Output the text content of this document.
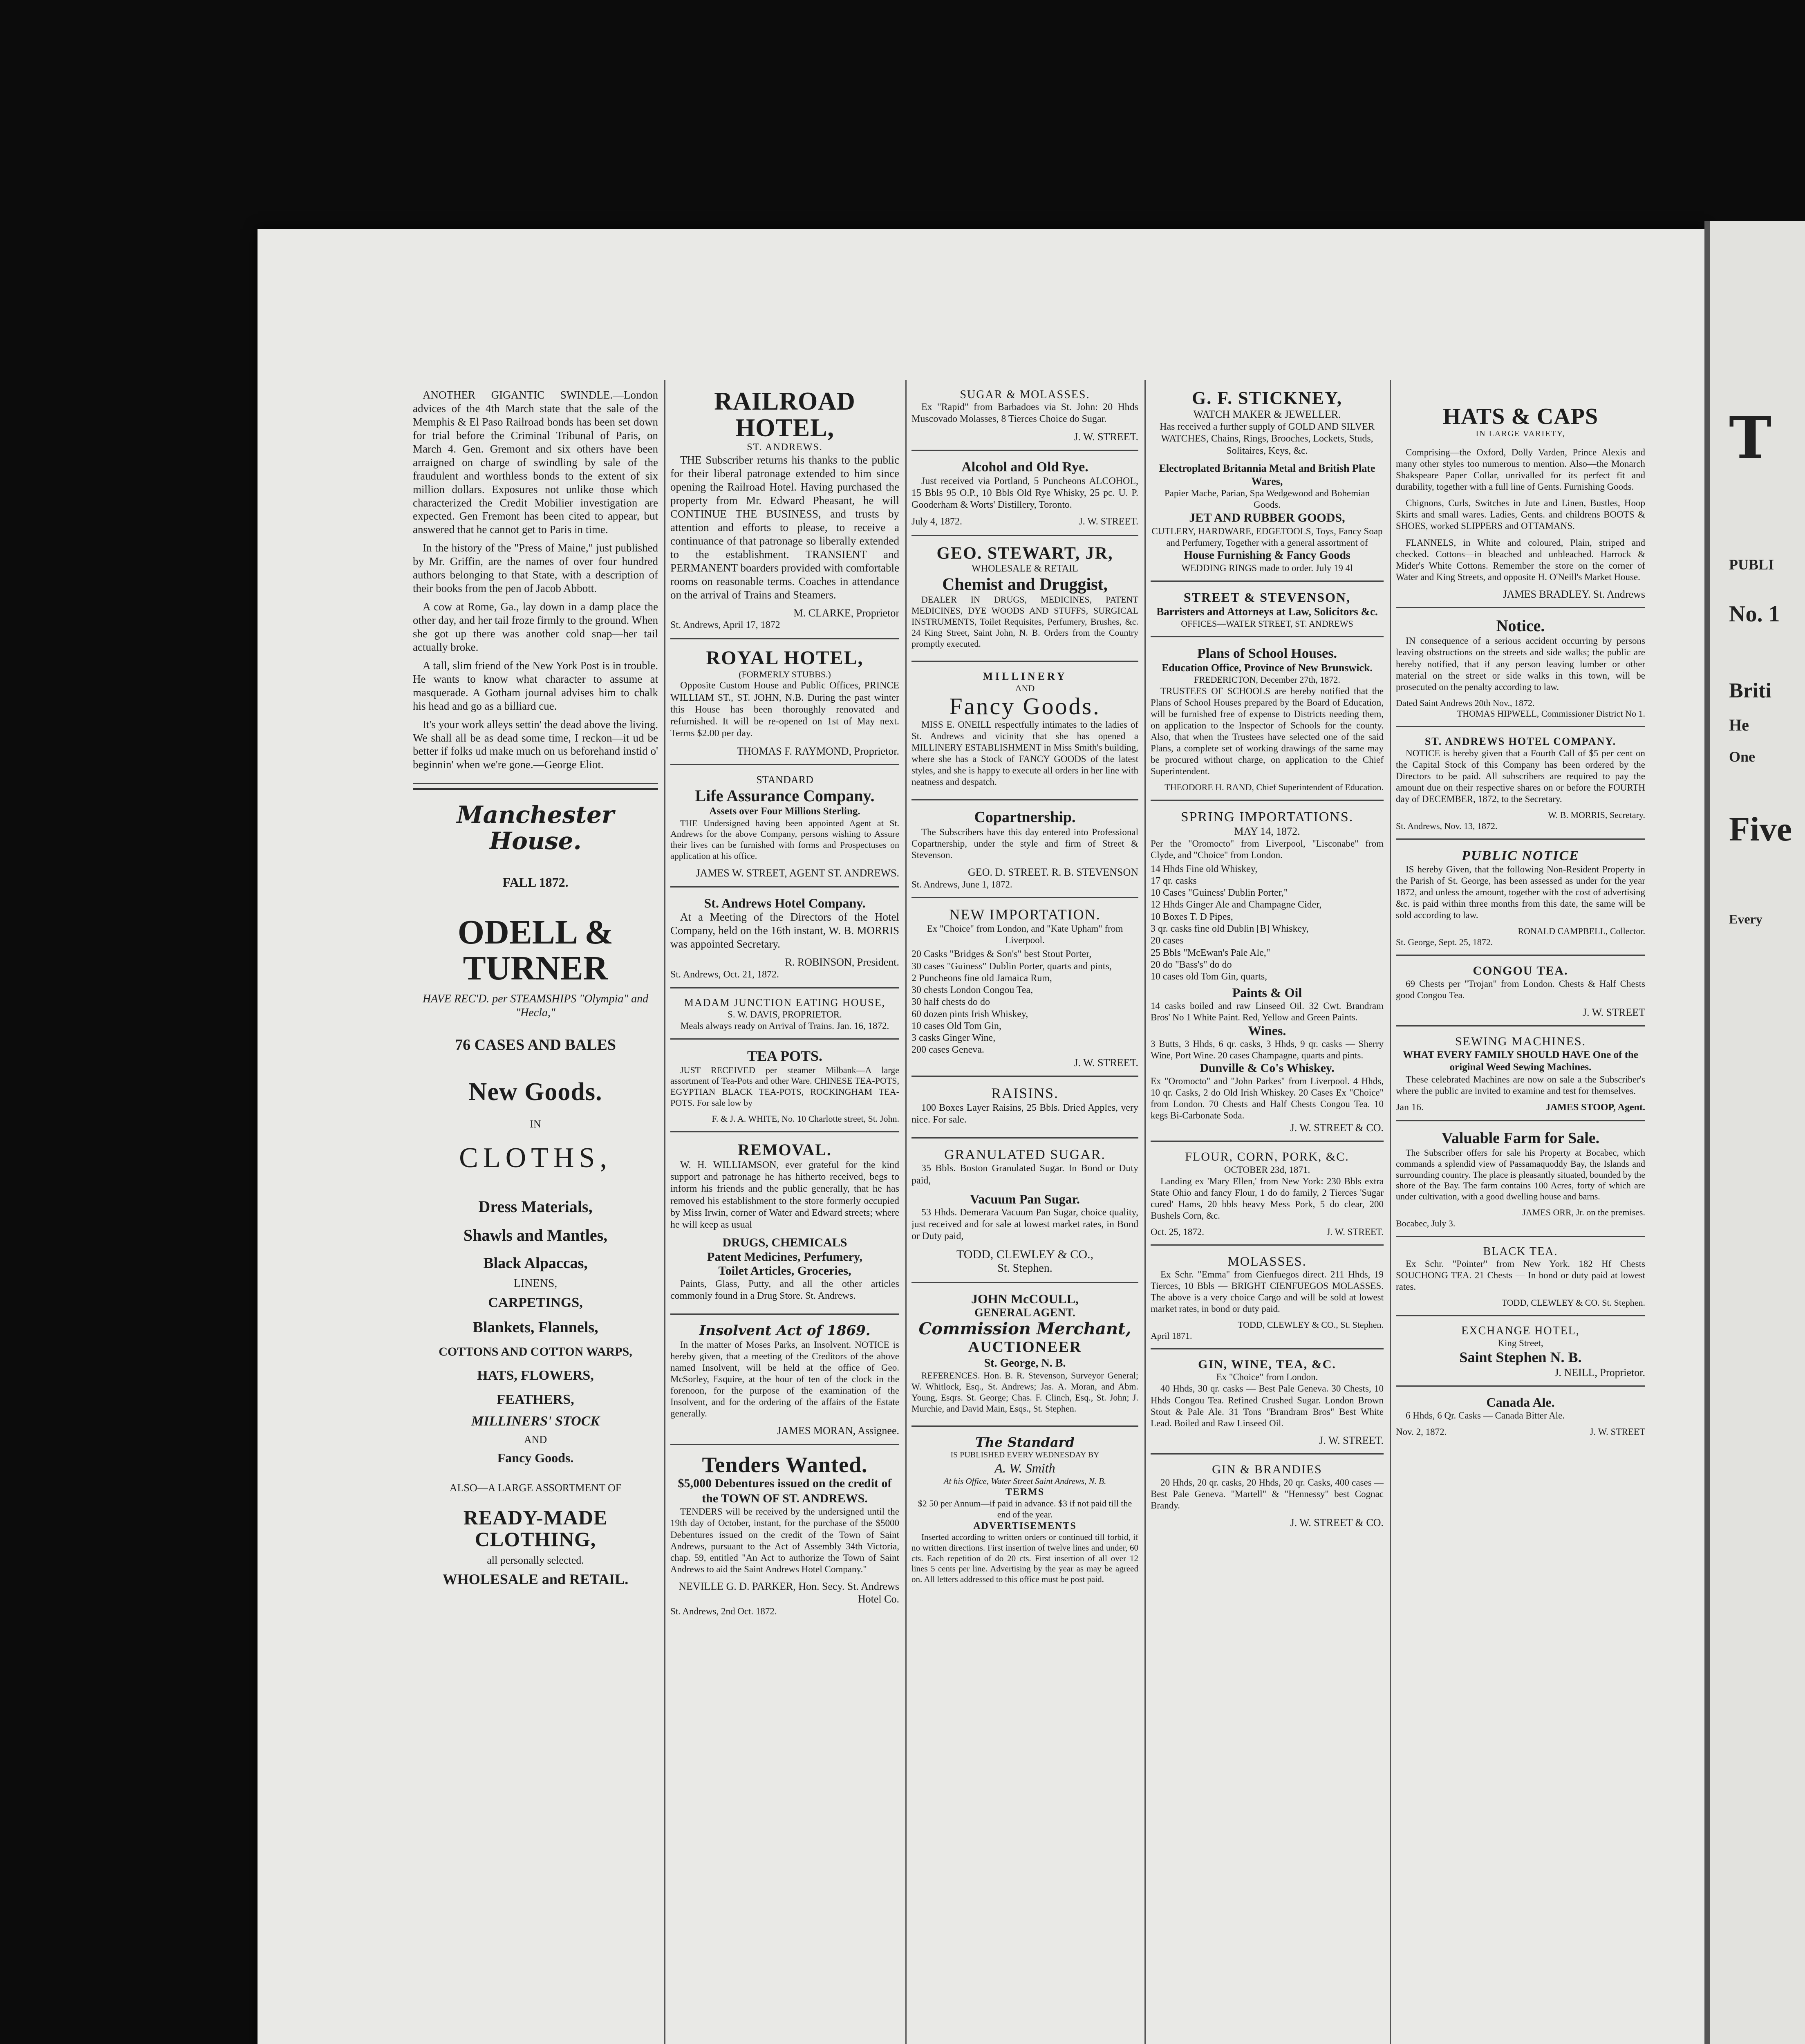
ANOTHER GIGANTIC SWINDLE.—London advices of the 4th March state that the sale of the Memphis & El Paso Railroad bonds has been set down for trial before the Criminal Tribunal of Paris, on March 4. Gen. Gremont and six others have been arraigned on charge of swindling by sale of the fraudulent and worthless bonds to the extent of six million dollars. Exposures not unlike those which characterized the Credit Mobilier investigation are expected. Gen Fremont has been cited to appear, but answered that he cannot get to Paris in time.

In the history of the "Press of Maine," just published by Mr. Griffin, are the names of over four hundred authors belonging to that State, with a description of their books from the pen of Jacob Abbott.

A cow at Rome, Ga., lay down in a damp place the other day, and her tail froze firmly to the ground. When she got up there was another cold snap—her tail actually broke.

A tall, slim friend of the New York Post is in trouble. He wants to know what character to assume at masquerade. A Gotham journal advises him to chalk his head and go as a billiard cue.

It's your work alleys settin' the dead above the living. We shall all be as dead some time, I reckon—it ud be better if folks ud make much on us beforehand instid o' beginnin' when we're gone.—George Eliot.

Manchester House.
FALL 1872.
ODELL & TURNER
HAVE REC'D. per STEAMSHIPS "Olympia" and "Hecla,"
76 CASES AND BALES
New Goods.
IN
CLOTHS,
Dress Materials,
Shawls and Mantles,
Black Alpaccas,
LINENS,
CARPETINGS,
Blankets, Flannels,
COTTONS AND COTTON WARPS,
HATS, FLOWERS,
FEATHERS,
MILLINERS' STOCK
AND
Fancy Goods.
ALSO—A LARGE ASSORTMENT OF
READY-MADE CLOTHING,
all personally selected.
WHOLESALE and RETAIL.
RAILROAD HOTEL,
ST. ANDREWS.

THE Subscriber returns his thanks to the public for their liberal patronage extended to him since opening the Railroad Hotel. Having purchased the property from Mr. Edward Pheasant, he will CONTINUE THE BUSINESS, and trusts by attention and efforts to please, to receive a continuance of that patronage so liberally extended to the establishment. TRANSIENT and PERMANENT boarders provided with comfortable rooms on reasonable terms. Coaches in attendance on the arrival of Trains and Steamers.

M. CLARKE, Proprietor
St. Andrews, April 17, 1872
ROYAL HOTEL,
(FORMERLY STUBBS.)

Opposite Custom House and Public Offices, PRINCE WILLIAM ST., ST. JOHN, N.B. During the past winter this House has been thoroughly renovated and refurnished. It will be re-opened on 1st of May next. Terms $2.00 per day.

THOMAS F. RAYMOND, Proprietor.
STANDARD
Life Assurance Company.
Assets over Four Millions Sterling.

THE Undersigned having been appointed Agent at St. Andrews for the above Company, persons wishing to Assure their lives can be furnished with forms and Prospectuses on application at his office.

JAMES W. STREET, AGENT ST. ANDREWS.
St. Andrews Hotel Company.

At a Meeting of the Directors of the Hotel Company, held on the 16th instant, W. B. MORRIS was appointed Secretary.

R. ROBINSON, President.
St. Andrews, Oct. 21, 1872.
MADAM JUNCTION EATING HOUSE,
S. W. DAVIS, PROPRIETOR.
Meals always ready on Arrival of Trains. Jan. 16, 1872.
TEA POTS.

JUST RECEIVED per steamer Milbank—A large assortment of Tea-Pots and other Ware. CHINESE TEA-POTS, EGYPTIAN BLACK TEA-POTS, ROCKINGHAM TEA-POTS. For sale low by

F. & J. A. WHITE, No. 10 Charlotte street, St. John.
REMOVAL.

W. H. WILLIAMSON, ever grateful for the kind support and patronage he has hitherto received, begs to inform his friends and the public generally, that he has removed his establishment to the store formerly occupied by Miss Irwin, corner of Water and Edward streets; where he will keep as usual

DRUGS, CHEMICALS
Patent Medicines, Perfumery,
Toilet Articles, Groceries,

Paints, Glass, Putty, and all the other articles commonly found in a Drug Store. St. Andrews.

Insolvent Act of 1869.

In the matter of Moses Parks, an Insolvent. NOTICE is hereby given, that a meeting of the Creditors of the above named Insolvent, will be held at the office of Geo. McSorley, Esquire, at the hour of ten of the clock in the forenoon, for the purpose of the examination of the Insolvent, and for the ordering of the affairs of the Estate generally.

JAMES MORAN, Assignee.
Tenders Wanted.
$5,000 Debentures issued on the credit of the TOWN OF ST. ANDREWS.

TENDERS will be received by the undersigned until the 19th day of October, instant, for the purchase of the $5000 Debentures issued on the credit of the Town of Saint Andrews, pursuant to the Act of Assembly 34th Victoria, chap. 59, entitled "An Act to authorize the Town of Saint Andrews to aid the Saint Andrews Hotel Company."

NEVILLE G. D. PARKER, Hon. Secy. St. Andrews Hotel Co.
St. Andrews, 2nd Oct. 1872.
SUGAR & MOLASSES.

Ex "Rapid" from Barbadoes via St. John: 20 Hhds Muscovado Molasses, 8 Tierces Choice do Sugar.

J. W. STREET.
Alcohol and Old Rye.

Just received via Portland, 5 Puncheons ALCOHOL, 15 Bbls 95 O.P., 10 Bbls Old Rye Whisky, 25 pc. U. P. Gooderham & Worts' Distillery, Toronto.

July 4, 1872.	J. W. STREET.
GEO. STEWART, JR,
WHOLESALE & RETAIL
Chemist and Druggist,

DEALER IN DRUGS, MEDICINES, PATENT MEDICINES, DYE WOODS AND STUFFS, SURGICAL INSTRUMENTS, Toilet Requisites, Perfumery, Brushes, &c. 24 King Street, Saint John, N. B. Orders from the Country promptly executed.

MILLINERY
AND
Fancy Goods.

MISS E. ONEILL respectfully intimates to the ladies of St. Andrews and vicinity that she has opened a MILLINERY ESTABLISHMENT in Miss Smith's building, where she has a Stock of FANCY GOODS of the latest styles, and she is happy to execute all orders in her line with neatness and despatch.

Copartnership.

The Subscribers have this day entered into Professional Copartnership, under the style and firm of Street & Stevenson.

GEO. D. STREET. R. B. STEVENSON
St. Andrews, June 1, 1872.
NEW IMPORTATION.
Ex "Choice" from London, and "Kate Upham" from Liverpool.
20 Casks "Bridges & Son's" best Stout Porter,
30 cases "Guiness" Dublin Porter, quarts and pints,
2 Puncheons fine old Jamaica Rum,
30 chests London Congou Tea,
30 half chests do do
60 dozen pints Irish Whiskey,
10 cases Old Tom Gin,
3 casks Ginger Wine,
200 cases Geneva.
J. W. STREET.
RAISINS.

100 Boxes Layer Raisins, 25 Bbls. Dried Apples, very nice. For sale.

GRANULATED SUGAR.

35 Bbls. Boston Granulated Sugar. In Bond or Duty paid,

Vacuum Pan Sugar.

53 Hhds. Demerara Vacuum Pan Sugar, choice quality, just received and for sale at lowest market rates, in Bond or Duty paid,

TODD, CLEWLEY & CO.,
St. Stephen.
JOHN McCOULL,
GENERAL AGENT.
Commission Merchant,
AUCTIONEER
St. George, N. B.

REFERENCES. Hon. B. R. Stevenson, Surveyor General; W. Whitlock, Esq., St. Andrews; Jas. A. Moran, and Abm. Young, Esqrs. St. George; Chas. F. Clinch, Esq., St. John; J. Murchie, and David Main, Esqs., St. Stephen.

The Standard
IS PUBLISHED EVERY WEDNESDAY BY
A. W. Smith
At his Office, Water Street Saint Andrews, N. B.
TERMS
$2 50 per Annum—if paid in advance. $3 if not paid till the end of the year.
ADVERTISEMENTS

Inserted according to written orders or continued till forbid, if no written directions. First insertion of twelve lines and under, 60 cts. Each repetition of do 20 cts. First insertion of all over 12 lines 5 cents per line. Advertising by the year as may be agreed on. All letters addressed to this office must be post paid.

G. F. STICKNEY,
WATCH MAKER & JEWELLER.

Has received a further supply of GOLD AND SILVER WATCHES, Chains, Rings, Brooches, Lockets, Studs, Solitaires, Keys, &c.

Electroplated Britannia Metal and British Plate Wares,
Papier Mache, Parian, Spa Wedgewood and Bohemian Goods.
JET AND RUBBER GOODS,
CUTLERY, HARDWARE, EDGETOOLS, Toys, Fancy Soap and Perfumery, Together with a general assortment of
House Furnishing & Fancy Goods
WEDDING RINGS made to order. July 19 4l
STREET & STEVENSON,
Barristers and Attorneys at Law, Solicitors &c.
OFFICES—WATER STREET, ST. ANDREWS
Plans of School Houses.
Education Office, Province of New Brunswick.
FREDERICTON, December 27th, 1872.

TRUSTEES OF SCHOOLS are hereby notified that the Plans of School Houses prepared by the Board of Education, will be furnished free of expense to Districts needing them, on application to the Inspector of Schools for the county. Also, that when the Trustees have selected one of the said Plans, a complete set of working drawings of the same may be procured without charge, on application to the Chief Superintendent.

THEODORE H. RAND, Chief Superintendent of Education.
SPRING IMPORTATIONS.
MAY 14, 1872.
Per the "Oromocto" from Liverpool, "Lisconabe" from Clyde, and "Choice" from London.
14 Hhds Fine old Whiskey,
17 qr. casks
10 Cases "Guiness' Dublin Porter,"
12 Hhds Ginger Ale and Champagne Cider,
10 Boxes T. D Pipes,
3 qr. casks fine old Dublin [B] Whiskey,
20 cases
25 Bbls "McEwan's Pale Ale,"
20 do "Bass's" do do
10 cases old Tom Gin, quarts,
Paints & Oil
14 casks boiled and raw Linseed Oil. 32 Cwt. Brandram Bros' No 1 White Paint. Red, Yellow and Green Paints.
Wines.
3 Butts, 3 Hhds, 6 qr. casks, 3 Hhds, 9 qr. casks — Sherry Wine, Port Wine. 20 cases Champagne, quarts and pints.
Dunville & Co's Whiskey.
Ex "Oromocto" and "John Parkes" from Liverpool. 4 Hhds, 10 qr. Casks, 2 do Old Irish Whiskey. 20 Cases Ex "Choice" from London. 70 Chests and Half Chests Congou Tea. 10 kegs Bi-Carbonate Soda.
J. W. STREET & CO.
FLOUR, CORN, PORK, &C.
OCTOBER 23d, 1871.

Landing ex 'Mary Ellen,' from New York: 230 Bbls extra State Ohio and fancy Flour, 1 do do family, 2 Tierces 'Sugar cured' Hams, 20 bbls heavy Mess Pork, 5 do clear, 200 Bushels Corn, &c.

Oct. 25, 1872.	J. W. STREET.
MOLASSES.

Ex Schr. "Emma" from Cienfuegos direct. 211 Hhds, 19 Tierces, 10 Bbls — BRIGHT CIENFUEGOS MOLASSES. The above is a very choice Cargo and will be sold at lowest market rates, in bond or duty paid.

TODD, CLEWLEY & CO., St. Stephen.
April 1871.
GIN, WINE, TEA, &C.
Ex "Choice" from London.

40 Hhds, 30 qr. casks — Best Pale Geneva. 30 Chests, 10 Hhds Congou Tea. Refined Crushed Sugar. London Brown Stout & Pale Ale. 31 Tons "Brandram Bros" Best White Lead. Boiled and Raw Linseed Oil.

J. W. STREET.
GIN & BRANDIES

20 Hhds, 20 qr. casks, 20 Hhds, 20 qr. Casks, 400 cases — Best Pale Geneva. "Martell" & "Hennessy" best Cognac Brandy.

J. W. STREET & CO.
HATS & CAPS
IN LARGE VARIETY,

Comprising—the Oxford, Dolly Varden, Prince Alexis and many other styles too numerous to mention. Also—the Monarch Shakspeare Paper Collar, unrivalled for its perfect fit and durability, together with a full line of Gents. Furnishing Goods.

Chignons, Curls, Switches in Jute and Linen, Bustles, Hoop Skirts and small wares. Ladies, Gents. and childrens BOOTS & SHOES, worked SLIPPERS and OTTAMANS.

FLANNELS, in White and coloured, Plain, striped and checked. Cottons—in bleached and unbleached. Harrock & Mider's White Cottons. Remember the store on the corner of Water and King Streets, and opposite H. O'Neill's Market House.

JAMES BRADLEY. St. Andrews
Notice.

IN consequence of a serious accident occurring by persons leaving obstructions on the streets and side walks; the public are hereby notified, that if any person leaving lumber or other material on the street or side walks in this town, will be prosecuted on the penalty according to law.

Dated Saint Andrews 20th Nov., 1872.
THOMAS HIPWELL, Commissioner District No 1.
ST. ANDREWS HOTEL COMPANY.

NOTICE is hereby given that a Fourth Call of $5 per cent on the Capital Stock of this Company has been ordered by the Directors to be paid. All subscribers are required to pay the amount due on their respective shares on or before the FOURTH day of DECEMBER, 1872, to the Secretary.

W. B. MORRIS, Secretary.
St. Andrews, Nov. 13, 1872.
PUBLIC NOTICE

IS hereby Given, that the following Non-Resident Property in the Parish of St. George, has been assessed as under for the year 1872, and unless the amount, together with the cost of advertising &c. is paid within three months from this date, the same will be sold according to law.

RONALD CAMPBELL, Collector.
St. George, Sept. 25, 1872.
CONGOU TEA.

69 Chests per "Trojan" from London. Chests & Half Chests good Congou Tea.

J. W. STREET
SEWING MACHINES.
WHAT EVERY FAMILY SHOULD HAVE One of the original Weed Sewing Machines.

These celebrated Machines are now on sale a the Subscriber's where the public are invited to examine and test for themselves.

Jan 16.	JAMES STOOP, Agent.
Valuable Farm for Sale.

The Subscriber offers for sale his Property at Bocabec, which commands a splendid view of Passamaquoddy Bay, the Islands and surrounding country. The place is pleasantly situated, bounded by the shore of the Bay. The farm contains 100 Acres, forty of which are under cultivation, with a good dwelling house and barns.

JAMES ORR, Jr. on the premises.
Bocabec, July 3.
BLACK TEA.

Ex Schr. "Pointer" from New York. 182 Hf Chests SOUCHONG TEA. 21 Chests — In bond or duty paid at lowest rates.

TODD, CLEWLEY & CO. St. Stephen.
EXCHANGE HOTEL,
King Street,
Saint Stephen N. B.
J. NEILL, Proprietor.
Canada Ale.

6 Hhds, 6 Qr. Casks — Canada Bitter Ale.

Nov. 2, 1872.	J. W. STREET
T
PUBLI
No. 1
Briti
He
One
Five
Every
